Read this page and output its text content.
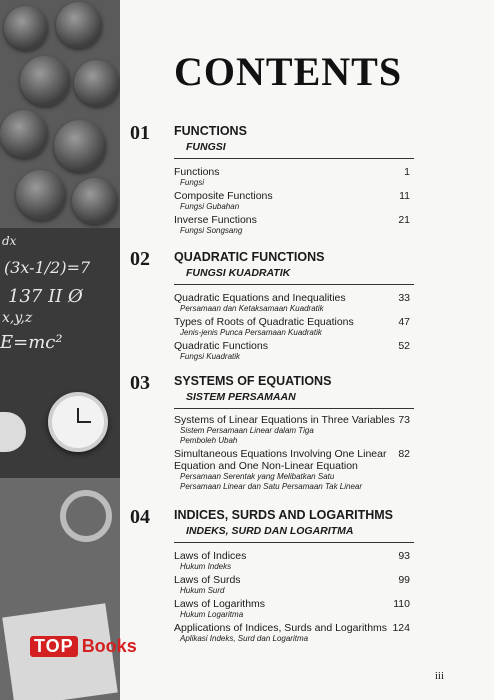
dx
(3x-1/2)=7
137 II Ø
x,y,z
E=mc²
CONTENTS
01 FUNCTIONS
FUNGSI
Functions
Fungsi
1
Composite Functions
Fungsi Gubahan
11
Inverse Functions
Fungsi Songsang
21
02 QUADRATIC FUNCTIONS
FUNGSI KUADRATIK
Quadratic Equations and Inequalities
Persamaan dan Ketaksamaan Kuadratik
33
Types of Roots of Quadratic Equations
Jenis-jenis Punca Persamaan Kuadratik
47
Quadratic Functions
Fungsi Kuadratik
52
03 SYSTEMS OF EQUATIONS
SISTEM PERSAMAAN
Systems of Linear Equations in Three Variables
Sistem Persamaan Linear dalam Tiga
Pemboleh Ubah
73
Simultaneous Equations Involving One Linear
Equation and One Non-Linear Equation
Persamaan Serentak yang Melibatkan Satu
Persamaan Linear dan Satu Persamaan Tak Linear
82
04 INDICES, SURDS AND LOGARITHMS
INDEKS, SURD DAN LOGARITMA
Laws of Indices
Hukum Indeks
93
Laws of Surds
Hukum Surd
99
Laws of Logarithms
Hukum Logaritma
110
Applications of Indices, Surds and Logarithms
Aplikasi Indeks, Surd dan Logaritma
124
TOP Books
iii
